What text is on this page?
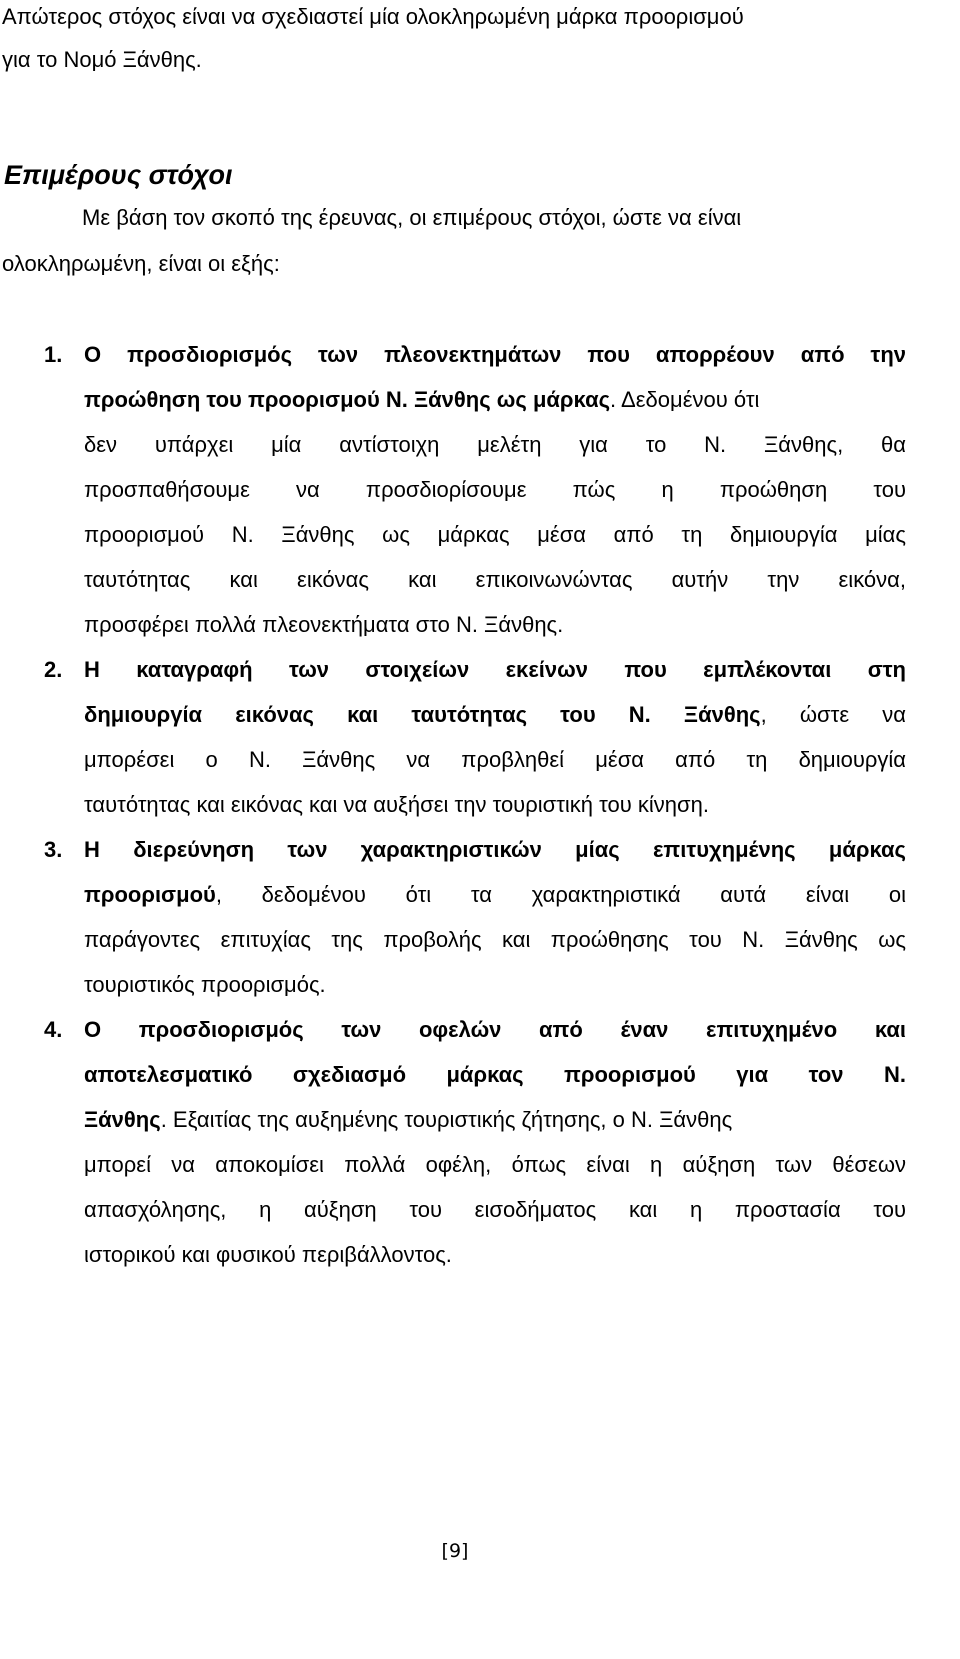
Απώτερος στόχος είναι να σχεδιαστεί μία ολοκληρωμένη μάρκα προορισμού
για το Νομό Ξάνθης.
Επιμέρους στόχοι
Με βάση τον σκοπό της έρευνας, οι επιμέρους στόχοι, ώστε να είναι
ολοκληρωμένη, είναι οι εξής:
1. Ο προσδιορισμός των πλεονεκτημάτων που απορρέουν από την
προώθηση του προορισμού Ν. Ξάνθης ως μάρκας. Δεδομένου ότι
δεν υπάρχει μία αντίστοιχη μελέτη για το Ν. Ξάνθης, θα
προσπαθήσουμε να προσδιορίσουμε πώς η προώθηση του
προορισμού Ν. Ξάνθης ως μάρκας μέσα από τη δημιουργία μίας
ταυτότητας και εικόνας και επικοινωνώντας αυτήν την εικόνα,
προσφέρει πολλά πλεονεκτήματα στο Ν. Ξάνθης.
2. Η καταγραφή των στοιχείων εκείνων που εμπλέκονται στη
δημιουργία εικόνας και ταυτότητας του Ν. Ξάνθης, ώστε να
μπορέσει ο Ν. Ξάνθης να προβληθεί μέσα από τη δημιουργία
ταυτότητας και εικόνας και να αυξήσει την τουριστική του κίνηση.
3. Η διερεύνηση των χαρακτηριστικών μίας επιτυχημένης μάρκας
προορισμού, δεδομένου ότι τα χαρακτηριστικά αυτά είναι οι
παράγοντες επιτυχίας της προβολής και προώθησης του Ν. Ξάνθης ως
τουριστικός προορισμός.
4. Ο προσδιορισμός των οφελών από έναν επιτυχημένο και
αποτελεσματικό σχεδιασμό μάρκας προορισμού για τον Ν.
Ξάνθης. Εξαιτίας της αυξημένης τουριστικής ζήτησης, ο Ν. Ξάνθης
μπορεί να αποκομίσει πολλά οφέλη, όπως είναι η αύξηση των θέσεων
απασχόλησης, η αύξηση του εισοδήματος και η προστασία του
ιστορικού και φυσικού περιβάλλοντος.
[9]
